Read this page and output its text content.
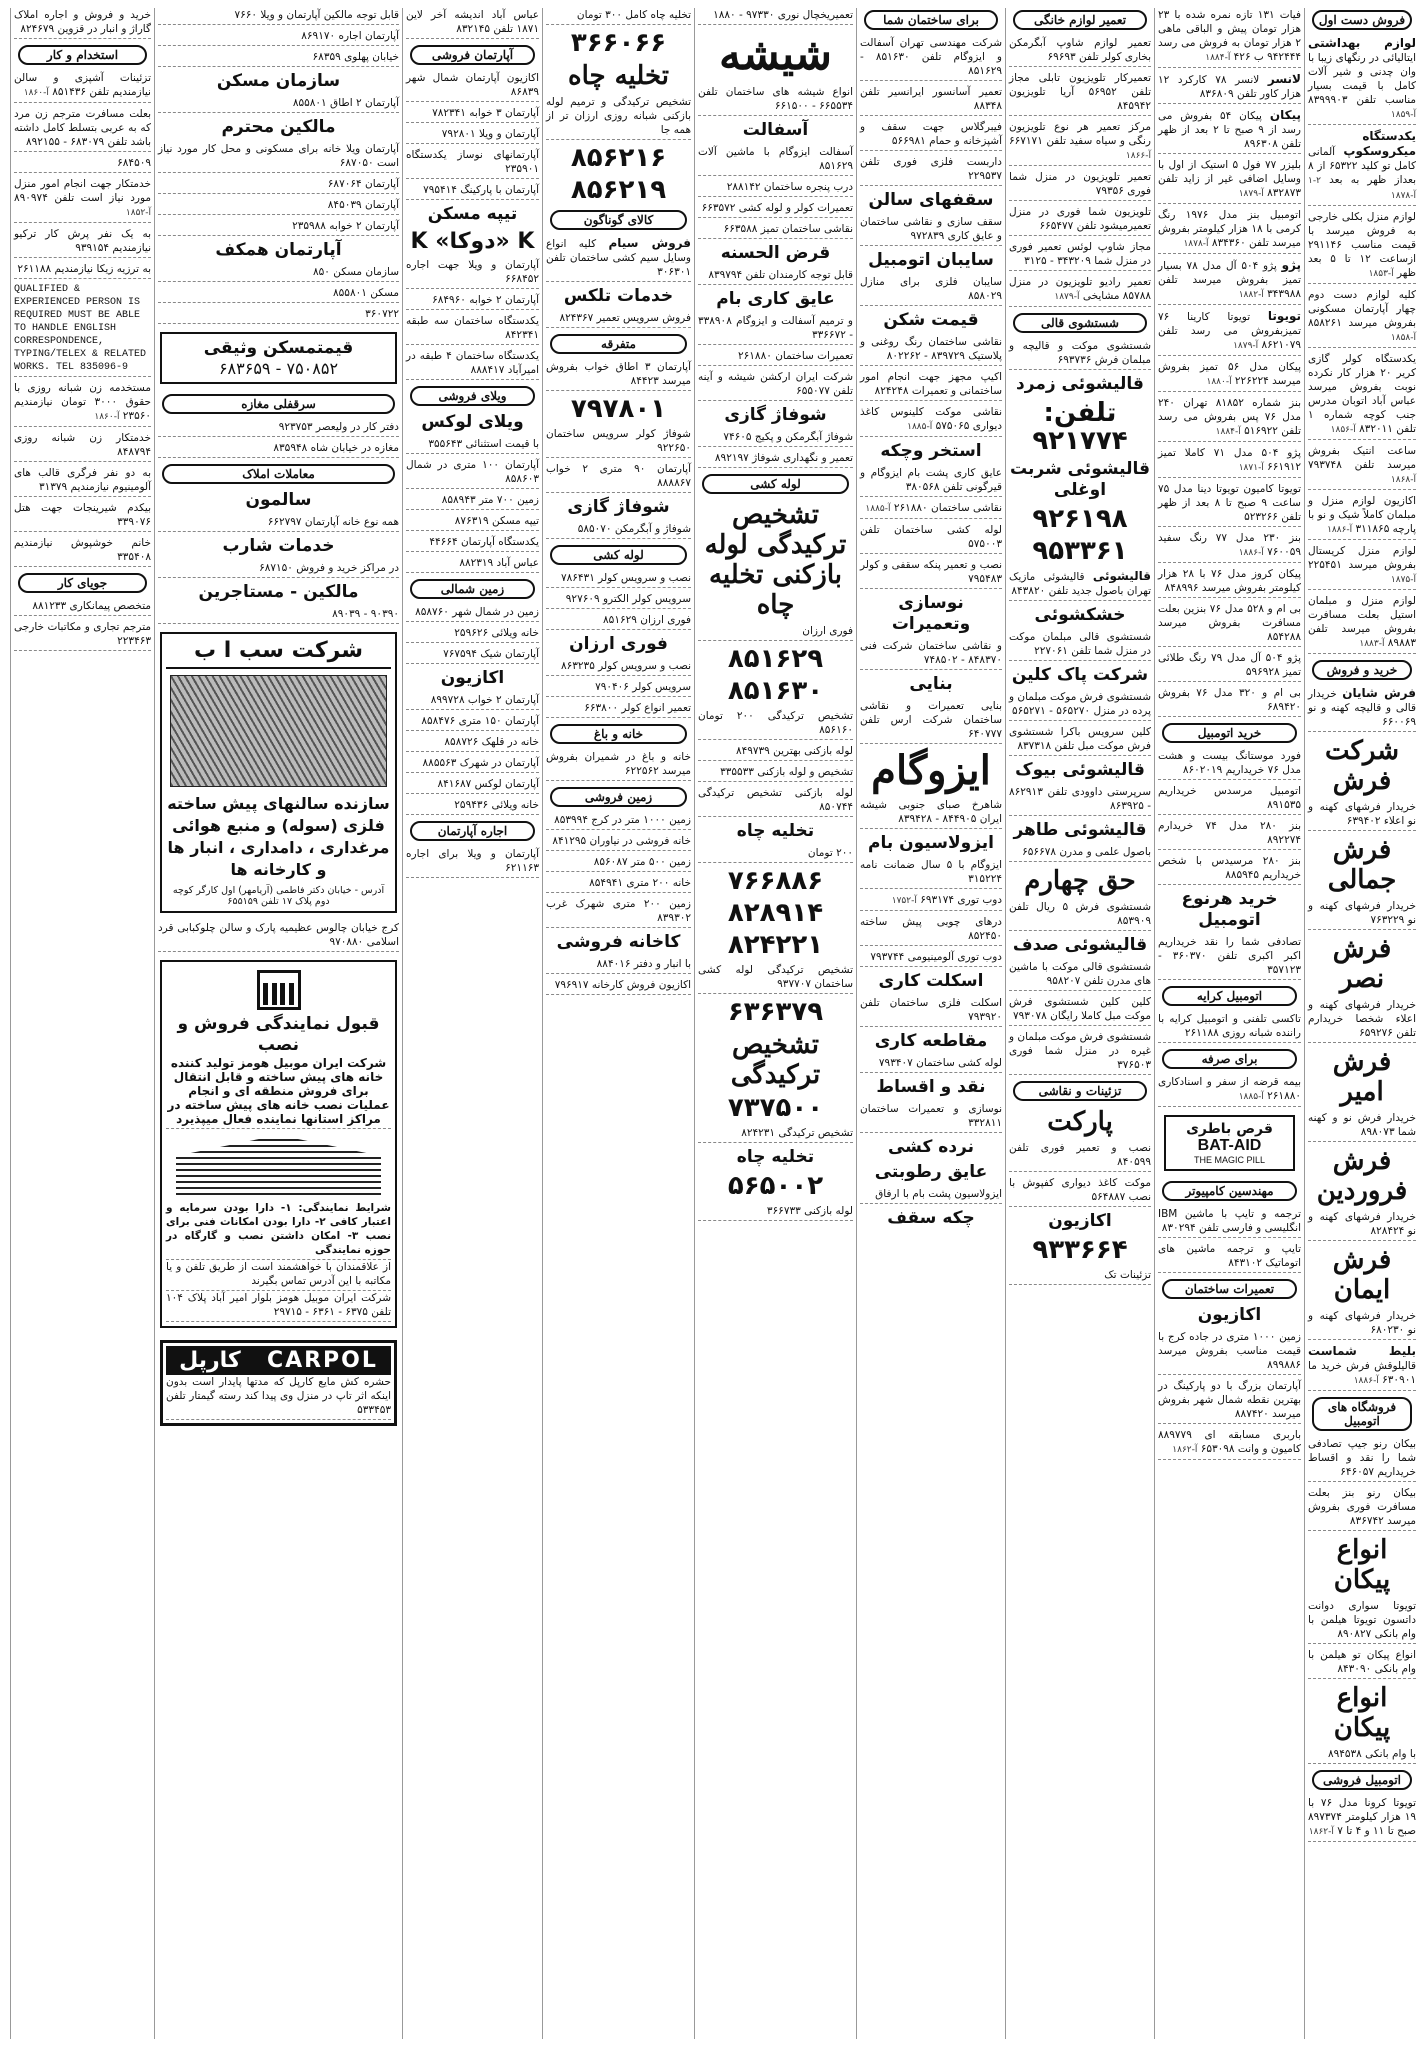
فروش دست اول
لوازم بهداشتی ایتالیائی در رنگهای زیبا با وان چدنی و شیر آلات کامل با قیمت بسیار مناسب تلفن ۸۳۹۹۹۰۳ آ-۱۸۵۹
یکدستگاه میکروسکوپ آلمانی کامل تو کلید ۶۵۳۲۲ از ۸ بعداز ظهر به بعد ۲-۱ آ-۱۸۷۸
لوازم منزل بکلی خارجی به فروش میرسد با قیمت مناسب ۲۹۱۱۴۶ ازساعت ۱۲ تا ۵ بعد ظهر آ-۱۸۵۳
کلیه لوازم دست دوم چهار آپارتمان مسکونی بفروش میرسد ۸۵۸۲۶۱ آ-۱۸۵۸
یکدستگاه کولر گازی کریر ۲۰ هزار کار نکرده نوبت بفروش میرسد عباس آباد اتوبان مدرس جنب کوچه شماره ۱ تلفن ۸۳۲۰۱۱ آ-۱۸۵۶
ساعت انتیک بفروش میرسد تلفن ۷۹۳۷۴۸ آ-۱۸۶۸
اکازیون لوازم منزل و مبلمان کاملاً شیک و نو با پارچه ۳۱۱۸۶۵ آ-۱۸۸۶
لوازم منزل کریستال بفروش میرسد ۲۲۵۴۵۱ آ-۱۸۷۵
لوازم منزل و مبلمان استیل بعلت مسافرت بفروش میرسد تلفن ۸۹۸۸۳ آ-۱۸۸۳
خرید و فروش
فرش شایان خریدار قالی و قالیچه کهنه و نو ۶۶۰۰۶۹
شرکت فرش
خریدار فرشهای کهنه و نو اعلاء ۶۳۹۴۰۲
فرش جمالی
خریدار فرشهای کهنه و نو ۷۶۳۲۲۹
فرش نصر
خریدار فرشهای کهنه و اعلاء شخصا خریدارم تلفن ۶۵۹۲۷۶
فرش امیر
خریدار فرش نو و کهنه شما ۸۹۸۰۷۳
فرش فروردین
خریدار فرشهای کهنه و نو ۸۲۸۴۲۴
فرش ایمان
خریدار فرشهای کهنه و نو ۶۸۰۲۳۰
بلیط شماست قالیلوقش فرش خرید ما ۶۳۰۹۰۱ آ-۱۸۸۶
فروشگاه های اتومبیل
بیکان رنو جیپ تصادفی شما را نقد و اقساط خریداریم ۶۴۶۰۵۷
بیکان رنو بنز بعلت مسافرت فوری بفروش میرسد ۸۳۶۷۴۲
انواع پیکان
تویوتا سواری دوانت داتسون تویوتا هیلمن با وام بانکی ۸۹۰۸۲۷
انواع پیکان تو هیلمن با وام بانکی ۸۴۳۰۹۰
انواع پیکان
با وام بانکی ۸۹۴۵۳۸
اتومبیل فروشی
تویوتا کرونا مدل ۷۶ با ۱۹ هزار کیلومتر ۸۹۷۳۷۴ صبح تا ۱۱ و ۴ تا ۷ آ-۱۸۶۲
فیات ۱۳۱ تازه نمره شده با ۲۳ هزار تومان پیش و الباقی ماهی ۲ هزار تومان به فروش می رسد ۹۴۲۴۴۴ ب ۴۲۶ آ-۱۸۸۴
لانسر لانسر ۷۸ کارکرد ۱۲ هزار کاور تلفن ۸۳۶۸۰۹
پیکان پیکان ۵۴ بفروش می رسد از ۹ صبح تا ۲ بعد از ظهر تلفن ۸۹۶۳۰۸
بلیزر ۷۷ فول ۵ استیک از اول با وسایل اضافی غیر از زاید تلفن ۸۳۲۸۷۳ آ-۱۸۷۹
اتومبیل بنز مدل ۱۹۷۶ رنگ کرمی با ۱۸ هزار کیلومتر بفروش میرسد تلفن ۸۳۴۳۶۰ آ-۱۸۷۸
پژو پژو ۵۰۴ آل مدل ۷۸ بسیار تمیز بفروش میرسد تلفن ۳۴۳۹۸۸ آ-۱۸۸۲
تویوتا تویوتا کارینا ۷۶ تمیزبفروش می رسد تلفن ۸۶۲۱۰۷۹ آ-۱۸۷۹
پیکان مدل ۵۶ تمیز بفروش میرسد ۲۲۶۲۲۴ آ-۱۸۸۰
بنز شماره ۸۱۸۵۲ تهران ۲۴۰ مدل ۷۶ پس بفروش می رسد تلفن ۵۱۶۹۲۲ آ-۱۸۸۴
پژو ۵۰۴ مدل ۷۱ کاملا تمیز ۶۶۱۹۱۲ آ-۱۸۷۱
تویوتا کامیون تویوتا دینا مدل ۷۵ ساعت ۹ صبح تا ۸ بعد از ظهر تلفن ۵۲۳۲۶۶
بنز ۲۳۰ مدل ۷۷ رنگ سفید ۷۶۰۰۵۹ آ-۱۸۸۶
پیکان کروز مدل ۷۶ با ۲۸ هزار کیلومتر بفروش میرسد ۸۴۸۹۹۶
بی ام و ۵۲۸ مدل ۷۶ بنزین بعلت مسافرت بفروش میرسد ۸۵۴۲۸۸
پژو ۵۰۴ آل مدل ۷۹ رنگ طلائی تمیز ۵۹۶۹۲۸
بی ام و ۳۲۰ مدل ۷۶ بفروش ۶۸۹۴۲۰
خرید اتومبیل
فورد موستانگ بیست و هشت مدل ۷۶ خریداریم ۸۶۰۲۰۱۹
اتومبیل مرسدس خریداریم ۸۹۱۵۳۵
بنز ۲۸۰ مدل ۷۴ خریدارم ۸۹۲۲۷۴
بنز ۲۸۰ مرسیدس با شخص خریداریم ۸۸۵۹۴۵
خرید هرنوع اتومبیل
تصادفی شما را نقد خریداریم اکبر اکبری تلفن ۳۶۰۳۷۰ - ۳۵۷۱۲۳
اتومبیل کرایه
تاکسی تلفنی و اتومبیل کرایه با راننده شبانه روزی ۲۶۱۱۸۸
برای صرفه
بیمه قرضه از سفر و اسنادکاری ۲۶۱۸۸۰ آ-۱۸۸۵
قرص باطری
BAT-AID
THE MAGIC PILL
مهندسین کامپیوتر
ترجمه و تایپ با ماشین IBM انگلیسی و فارسی تلفن ۸۳۰۲۹۴
تایپ و ترجمه ماشین های اتوماتیک ۸۴۳۱۰۲
تعمیرات ساختمان
اکازیون
زمین ۱۰۰۰ متری در جاده کرج با قیمت مناسب بفروش میرسد ۸۹۹۸۸۶
آپارتمان بزرگ با دو پارکینگ در بهترین نقطه شمال شهر بفروش میرسد ۸۸۷۴۲۰
باربری مسابقه ای ۸۸۹۷۷۹ کامیون و وانت ۶۵۳۰۹۸ آ-۱۸۶۲
تعمیر لوازم خانگی
تعمیر لوازم شاوپ آبگرمکن بخاری کولر تلفن ۶۹۶۹۳
تعمیرکار تلویزیون تابلی مجاز تلفن ۵۶۹۵۲ آریا تلویزیون ۸۴۵۹۴۲
مرکز تعمیر هر نوع تلویزیون رنگی و سیاه سفید تلفن ۶۶۷۱۷۱ آ-۱۸۶۶
تعمیر تلویزیون در منزل شما فوری ۷۹۳۵۶
تلویزیون شما فوری در منزل تعمیرمیشود تلفن ۶۶۵۴۷۷
مجاز شاوپ لوئس تعمیر فوری در منزل شما ۳۴۳۲۰۹ - ۳۱۲۵
تعمیر رادیو تلویزیون در منزل ۸۵۷۸۸ مشایخی آ-۱۸۷۹
شستشوی قالی
شستشوی موکت و قالیچه و مبلمان فرش ۶۹۳۷۳۶
قالیشوئی زمرد
تلفن: ۹۲۱۷۷۴
قالیشوئی شربت اوغلی
۹۲۶۱۹۸
۹۵۳۳۶۱
قالیشوئی قالیشوئی مازیک تهران باصول جدید تلفن ۸۴۳۸۲۰
خشکشوئی
شستشوی قالی مبلمان موکت در منزل شما تلفن ۲۲۷۰۶۱
شرکت پاک کلین
شستشوی فرش موکت مبلمان و پرده در منزل ۵۶۵۲۷۰ - ۵۶۵۲۷۱
کلین سرویس باکرا شستشوی فرش موکت مبل تلفن ۸۳۷۳۱۸
قالیشوئی بیوک
سرپرستی داوودی تلفن ۸۶۲۹۱۳ - ۸۶۳۹۲۵
قالیشوئی طاهر
باصول علمی و مدرن ۶۵۶۶۷۸
حق چهارم
شستشوی فرش ۵ ریال تلفن ۸۵۳۹۰۹
قالیشوئی صدف
شستشوی قالی موکت با ماشین های مدرن تلفن ۹۵۸۲۰۷
کلین کلین شستشوی فرش موکت مبل کاملا رایگان ۷۹۳۰۷۸
شستشوی فرش موکت مبلمان و غیره در منزل شما فوری ۳۷۶۵۰۳
تزئینات و نقاشی
پارکت
نصب و تعمیر فوری تلفن ۸۴۰۵۹۹
موکت کاغذ دیواری کفپوش با نصب ۵۶۴۸۸۷
اکازیون
۹۳۳۶۶۴
تزئینات تک
برای ساختمان شما
شرکت مهندسی تهران آسفالت و ایزوگام تلفن ۸۵۱۶۳۰ - ۸۵۱۶۲۹
تعمیر آسانسور ایرانسیر تلفن ۸۸۳۴۸
فیبرگلاس جهت سقف و آشپزخانه و حمام ۵۶۶۹۸۱
داربست فلزی فوری تلفن ۲۲۹۵۳۷
سقفهای سالن
سقف سازی و نقاشی ساختمان و عایق کاری ۹۷۲۸۳۹
سایبان اتومبیل
سایبان فلزی برای منازل ۸۵۸۰۲۹
قیمت شکن
نقاشی ساختمان رنگ روغنی و پلاستیک ۸۳۹۷۲۹ - ۸۰۲۲۶۲
اکیپ مجهز جهت انجام امور ساختمانی و تعمیرات ۸۲۴۲۴۸
نقاشی موکت کلینوس کاغذ دیواری ۵۷۵۰۶۵ آ-۱۸۸۵
استخر وچکه
عایق کاری پشت بام ایزوگام و قیرگونی تلفن ۳۸۰۵۶۸
نقاشی ساختمان ۲۶۱۸۸۰ آ-۱۸۸۵
لوله کشی ساختمان تلفن ۵۷۵۰۰۳
نصب و تعمیر پنکه سقفی و کولر ۷۹۵۴۸۳
نوسازی وتعمیرات
و نقاشی ساختمان شرکت فنی ۸۴۸۳۷۰ - ۷۴۸۵۰۲
بنایی
بنایی تعمیرات و نقاشی ساختمان شرکت ارس تلفن ۶۴۰۷۷۷
ایزوگام
شاهرخ صبای جنوبی شیشه ایران ۸۴۴۹۰۵ - ۸۳۹۴۲۸
ایزولاسیون بام
ایزوگام با ۵ سال ضمانت نامه ۳۱۵۲۲۴
دوب توری ۶۹۳۱۷۴ آ-۱۷۵۲
درهای چوبی پیش ساخته ۸۵۲۴۵۰
دوب توری آلومینیومی ۷۹۳۷۴۴
اسکلت کاری
اسکلت فلزی ساختمان تلفن ۷۹۳۹۲۰
مقاطعه کاری
لوله کشی ساختمان ۷۹۳۴۰۷
نقد و اقساط
نوسازی و تعمیرات ساختمان ۳۳۲۸۱۱
نرده کشی
عایق رطوبتی
ایزولاسیون پشت بام با ارفاق
چکه سقف
تعمیریخچال نوری ۹۷۳۳۰ - ۱۸۸۰
شیشه
انواع شیشه های ساختمان تلفن ۶۶۵۵۳۴ - ۶۶۱۵۰۰
آسفالت
آسفالت ایزوگام با ماشین آلات ۸۵۱۶۲۹
درب پنجره ساختمان ۲۸۸۱۴۲
تعمیرات کولر و لوله کشی ۶۶۳۵۷۲
نقاشی ساختمان تمیز ۶۶۳۵۸۸
قرض الحسنه
قابل توجه کارمندان تلفن ۸۳۹۷۹۴
عایق کاری بام
و ترمیم آسفالت و ایزوگام ۳۳۸۹۰۸ - ۳۳۶۶۷۲
تعمیرات ساختمان ۲۶۱۸۸۰
شرکت ایران ارکشن شیشه و آینه تلفن ۶۵۵۰۷۷
شوفاژ گازی
شوفاژ آبگرمکن و پکیج ۷۴۶۰۵
تعمیر و نگهداری شوفاژ ۸۹۲۱۹۷
لوله کشی
تشخیص ترکیدگی لوله بازکنی تخلیه چاه
فوری ارزان
۸۵۱۶۲۹
۸۵۱۶۳۰
تشخیص ترکیدگی ۲۰۰ تومان ۸۵۶۱۶۰
لوله بازکنی بهترین ۸۴۹۷۳۹
تشخیص و لوله بازکنی ۳۳۵۵۳۳
لوله بازکنی تشخیص ترکیدگی ۸۵۰۷۴۴
تخلیه چاه
۲۰۰ تومان
۷۶۶۸۸۶
۸۲۸۹۱۴
۸۲۴۲۲۱
تشخیص ترکیدگی لوله کشی ساختمان ۹۳۷۷۰۷
۶۳۶۳۷۹
تشخیص ترکیدگی
۷۳۷۵۰۰
تشخیص ترکیدگی ۸۲۴۲۳۱
تخلیه چاه
۵۶۵۰۰۲
لوله بازکنی ۳۶۶۷۳۳
تخلیه چاه کامل ۳۰۰ تومان
۳۶۶۰۶۶
تخلیه چاه
تشخیص ترکیدگی و ترمیم لوله بازکنی شبانه روزی ارزان تر از همه جا
۸۵۶۲۱۶
۸۵۶۲۱۹
کالای گوناگون
فروش سیام کلیه انواع وسایل سیم کشی ساختمان تلفن ۳۰۶۳۰۱
خدمات تلکس
فروش سرویس تعمیر ۸۲۴۳۶۷
متفرقه
آپارتمان ۳ اطاق خواب بفروش میرسد ۸۴۴۲۳
۷۹۷۸۰۱
شوفاژ کولر سرویس ساختمان ۹۲۲۶۵۰
آپارتمان ۹۰ متری ۲ خواب ۸۸۸۸۶۷
شوفاژ گازی
شوفاژ و آبگرمکن ۵۸۵۰۷۰
لوله کشی
نصب و سرویس کولر ۷۸۶۴۳۱
سرویس کولر الکترو ۹۲۷۶۰۹
فوری ارزان ۸۵۱۶۲۹
فوری ارزان
نصب و سرویس کولر ۸۶۳۲۳۵
سرویس کولر ۷۹۰۴۰۶
تعمیر انواع کولر ۶۶۳۸۰۰
خانه و باغ
خانه و باغ در شمیران بفروش میرسد ۶۲۲۵۶۲
زمین فروشی
زمین ۱۰۰۰ متر در کرج ۸۵۳۹۹۴
خانه فروشی در نیاوران ۸۴۱۲۹۵
زمین ۵۰۰ متر ۸۵۶۰۸۷
خانه ۲۰۰ متری ۸۵۴۹۴۱
زمین ۲۰۰ متری شهرک غرب ۸۳۹۳۰۲
کاخانه فروشی
با انبار و دفتر ۸۸۴۰۱۶
اکازیون فروش کارخانه ۷۹۶۹۱۷
عباس آباد اندیشه آخر لاین ۱۸۷۱ تلفن ۸۳۲۱۴۵
آپارتمان فروشی
اکازیون آپارتمان شمال شهر ۸۶۸۳۹
آپارتمان ۳ خوابه ۷۸۲۳۴۱
آپارتمان و ویلا ۷۹۲۸۰۱
آپارتمانهای نوساز یکدستگاه ۲۳۵۹۰۱
آپارتمان با پارکینگ ۷۹۵۴۱۴
تیپه مسکن
K «دوکا» K
آپارتمان و ویلا جهت اجاره ۶۶۸۴۵۲
آپارتمان ۲ خوابه ۶۸۴۹۶۰
یکدستگاه ساختمان سه طبقه ۸۴۲۳۴۱
یکدستگاه ساختمان ۴ طبقه در امیرآباد ۸۸۸۴۱۷
ویلای فروشی
ویلای لوکس
با قیمت استثنائی ۳۵۵۶۴۳
آپارتمان ۱۰۰ متری در شمال ۸۵۸۶۰۳
زمین ۷۰۰ متر ۸۵۸۹۴۳
تیپه مسکن ۸۷۶۳۱۹
یکدستگاه آپارتمان ۴۴۶۶۴
عباس آباد ۸۸۲۳۱۹
زمین شمالی
زمین در شمال شهر ۸۵۸۷۶۰
خانه ویلائی ۲۵۹۶۲۶
آپارتمان شیک ۷۶۷۵۹۴
اکازیون
آپارتمان ۲ خواب ۸۹۹۷۲۸
آپارتمان ۱۵۰ متری ۸۵۸۴۷۶
خانه در قلهک ۸۵۸۷۲۶
آپارتمان در شهرک ۸۸۵۵۶۳
آپارتمان لوکس ۸۴۱۶۸۷
خانه ویلائی ۲۵۹۴۳۶
اجاره آپارتمان
آپارتمان و ویلا برای اجاره ۶۲۱۱۶۳
قابل توجه مالکین آپارتمان و ویلا ۷۶۶۰
آپارتمان اجاره ۸۶۹۱۷۰
خیابان پهلوی ۶۸۳۵۹
سازمان مسکن
آپارتمان ۲ اطاق ۸۵۵۸۰۱
مالکین محترم
آپارتمان ویلا خانه برای مسکونی و محل کار مورد نیاز است ۶۸۷۰۵۰
آپارتمان ۶۸۷۰۶۴
آپارتمان ۸۴۵۰۳۹
آپارتمان ۲ خوابه ۲۳۵۹۸۸
آپارتمان همکف
سازمان مسکن ۸۵۰
مسکن ۸۵۵۸۰۱
۳۶۰۷۲۲
قیمتمسکن وثیقی
۷۵۰۸۵۲ - ۶۸۳۶۵۹
سرقفلی مغازه
دفتر کار در ولیعصر ۹۲۳۷۵۳
مغازه در خیابان شاه ۸۳۵۹۴۸
معاملات املاک
سالمون
همه نوع خانه آپارتمان ۶۶۲۷۹۷
خدمات شارب
در مراکز خرید و فروش ۶۸۷۱۵۰
مالکین - مستاجرین
۹۰۳۹۰ - ۸۹۰۳۹
شرکت سب ا ب
سازنده سالنهای پیش ساخته فلزی (سوله) و منبع هوائی مرغداری ، دامداری ، انبار ها و کارخانه ها
آدرس - خیابان دکتر فاطمی (آریامهر) اول کارگر کوچه دوم پلاک ۱۷ تلفن ۶۵۵۱۵۹
کرج خیابان چالوس عظیمیه پارک و سالن چلوکبابی قرد اسلامی ۹۷۰۸۸۰
قبول نمایندگی فروش و نصب
شرکت ایران موبیل هومز تولید کننده خانه های پیش ساخته و قابل انتقال برای فروش منطقه ای و انجام عملیات نصب خانه های پیش ساخته در مراکز استانها نماینده فعال میپذیرد
شرایط نمایندگی: ۱- دارا بودن سرمایه و اعتبار کافی ۲- دارا بودن امکانات فنی برای نصب ۳- امکان داشتن نصب و گارگاه در حوزه نمایندگی
از علاقمندان با خواهشمند است از طریق تلفن و یا مکاتبه با این آدرس تماس بگیرند
شرکت ایران موبیل هومز بلوار امیر آباد پلاک ۱۰۴ تلفن ۶۳۷۵ - ۶۳۶۱ - ۲۹۷۱۵
CARPOL
کارپل
حشره کش مایع کارپل که مدتها پایدار است بدون اینکه اثر تاپ در منزل وی پیدا کند رسته گیمتار تلفن ۵۳۳۴۵۳
خرید و فروش و اجاره املاک گاراژ و انبار در قزوین ۸۲۴۶۷۹
استخدام و کار
تزئینات آشپزی و سالن نیازمندیم تلفن ۸۵۱۴۳۶ آ-۱۸۶۰
بعلت مسافرت مترجم زن مرد که به عربی بتسلط کامل داشته باشد تلفن ۶۸۳۰۷۹ - ۸۹۲۱۵۵
۶۸۴۵۰۹
خدمتکار جهت انجام امور منزل مورد نیاز است تلفن ۸۹۰۹۷۴ آ-۱۸۵۲
به یک نفر پرش کار ترکیو نیازمندیم ۹۳۹۱۵۴
به ترزیه زیکا نیازمندیم ۲۶۱۱۸۸
QUALIFIED & EXPERIENCED PERSON IS REQUIRED MUST BE ABLE TO HANDLE ENGLISH CORRESPONDENCE, TYPING/TELEX & RELATED WORKS. TEL 835096-9
مستخدمه زن شبانه روزی با حقوق ۳۰۰۰ تومان نیازمندیم ۲۳۵۶۰ آ-۱۸۶۰
خدمتکار زن شبانه روزی ۸۴۸۷۹۴
به دو نفر فرگری قالب های آلومینیوم نیازمندیم ۳۱۳۷۹
بیکدم شیرینجات جهت هتل ۳۳۹۰۷۶
خانم خوشپوش نیازمندیم ۳۳۵۴۰۸
جویای کار
متخصص پیمانکاری ۸۸۱۲۳۳
مترجم تجاری و مکاتبات خارجی ۲۲۳۴۶۳
